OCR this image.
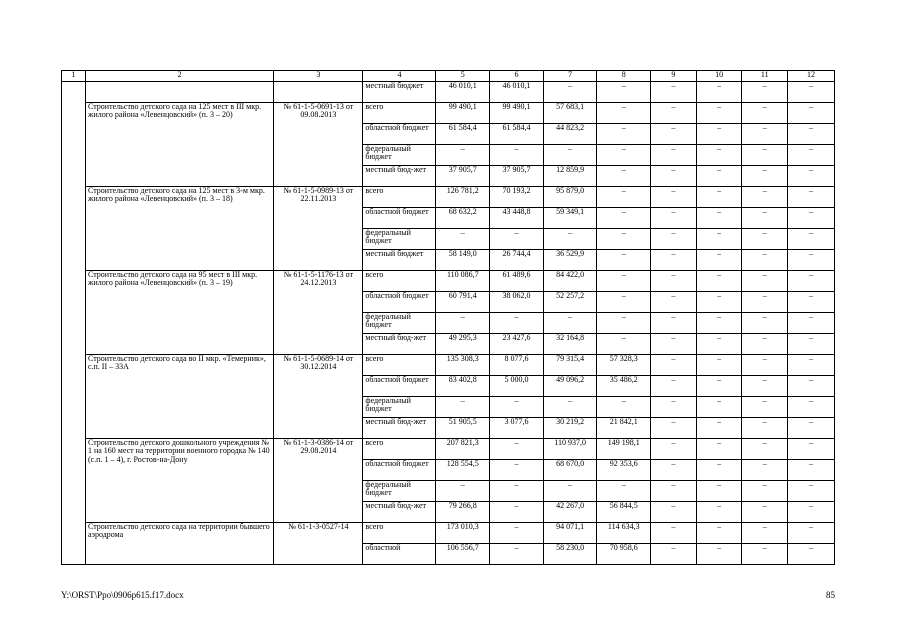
1	2	3	4	5	6	7	8	9	10	11	12
			местный бюджет	46 010,1	46 010,1	–	–	–	–	–	–
	Строительство детского сада на 125 мест в III мкр. жилого района «Левенцовский» (п. 3 – 20)	№ 61-1-5-0691-13 от 09.08.2013	всего	99 490,1	99 490,1	57 683,1	–	–	–	–	–
			областной бюджет	61 584,4	61 584,4	44 823,2	–	–	–	–	–
			федеральный бюджет	–	–	–	–	–	–	–	–
			местный бюд-жет	37 905,7	37 905,7	12 859,9	–	–	–	–	–
	Строительство детского сада на 125 мест в 3-м мкр. жилого района «Левенцовский» (п. 3 – 18)	№ 61-1-5-0989-13 от 22.11.2013	всего	126 781,2	70 193,2	95 879,0	–	–	–	–	–
			областной бюджет	68 632,2	43 448,8	59 349,1	–	–	–	–	–
			федеральный бюджет	–	–	–	–	–	–	–	–
			местный бюджет	58 149,0	26 744,4	36 529,9	–	–	–	–	–
	Строительство детского сада на 95 мест в III мкр. жилого района «Левенцовский» (п. 3 – 19)	№ 61-1-5-1176-13 от 24.12.2013	всего	110 086,7	61 489,6	84 422,0	–	–	–	–	–
			областной бюджет	60 791,4	38 062,0	52 257,2	–	–	–	–	–
			федеральный бюджет	–	–	–	–	–	–	–	–
			местный бюд-жет	49 295,3	23 427,6	32 164,8	–	–	–	–	–
	Строительство детского сада во II мкр. «Темерник», с.п. II – 33А	№ 61-1-5-0689-14 от 30.12.2014	всего	135 308,3	8 077,6	79 315,4	57 328,3	–	–	–	–
			областной бюджет	83 402,8	5 000,0	49 096,2	35 486,2	–	–	–	–
			федеральный бюджет	–	–	–	–	–	–	–	–
			местный бюд-жет	51 905,5	3 077,6	30 219,2	21 842,1	–	–	–	–
	Строительство детского дошкольного учреждения № 1 на 160 мест на территории военного городка № 140 (с.п. 1 – 4), г. Ростов-на-Дону	№ 61-1-3-0386-14 от 29.08.2014	всего	207 821,3	–	110 937,0	149 198,1	–	–	–	–
			областной бюджет	128 554,5	–	68 670,0	92 353,6	–	–	–	–
			федеральный бюджет	–	–	–	–	–	–	–	–
			местный бюд-жет	79 266,8	–	42 267,0	56 844,5	–	–	–	–
	Строительство детского сада на территории бывшего аэродрома	№ 61-1-3-0527-14	всего	173 010,3	–	94 071,1	114 634,3	–	–	–	–
			областной	106 556,7	–	58 230,0	70 958,6	–	–	–	–
Y:\ORST\Ppo\0906p615.f17.docx	85
